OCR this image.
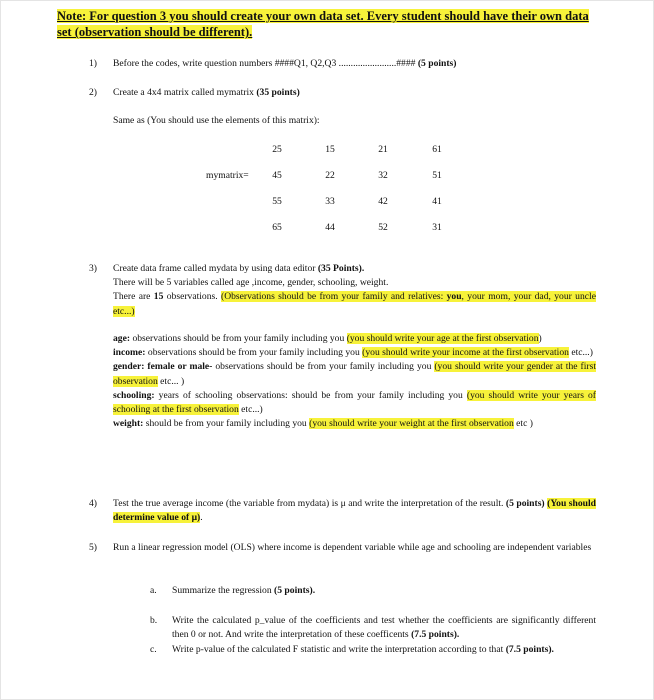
Note: For question 3 you should create your own data set. Every student should have their own data set (observation should be different).
1) Before the codes, write question numbers ####Q1, Q2,Q3 ........................#### (5 points)
2) Create a 4x4 matrix called mymatrix (35 points)
Same as (You should use the elements of this matrix):
mymatrix=
25	15	21	61
45	22	32	51
55	33	42	41
65	44	52	31
3) Create data frame called mydata by using data editor (35 Points).

There will be 5 variables called age ,income, gender, schooling, weight.

There are 15 observations. (Observations should be from your family and relatives: you, your mom, your dad, your uncle etc...)

age: observations should be from your family including you (you should write your age at the first observation)

income: observations should be from your family including you (you should write your income at the first observation etc...)

gender: female or male- observations should be from your family including you (you should write your gender at the first observation etc... )

schooling: years of schooling observations: should be from your family including you (you should write your years of schooling at the first observation etc...)

weight: should be from your family including you (you should write your weight at the first observation etc )

4) Test the true average income (the variable from mydata) is μ and write the interpretation of the result. (5 points) (You should determine value of μ).

5) Run a linear regression model (OLS) where income is dependent variable while age and schooling are independent variables

a. Summarize the regression (5 points).
b. Write the calculated p_value of the coefficients and test whether the coefficients are significantly different then 0 or not. And write the interpretation of these coefficents (7.5 points).
c. Write p-value of the calculated F statistic and write the interpretation according to that (7.5 points).
